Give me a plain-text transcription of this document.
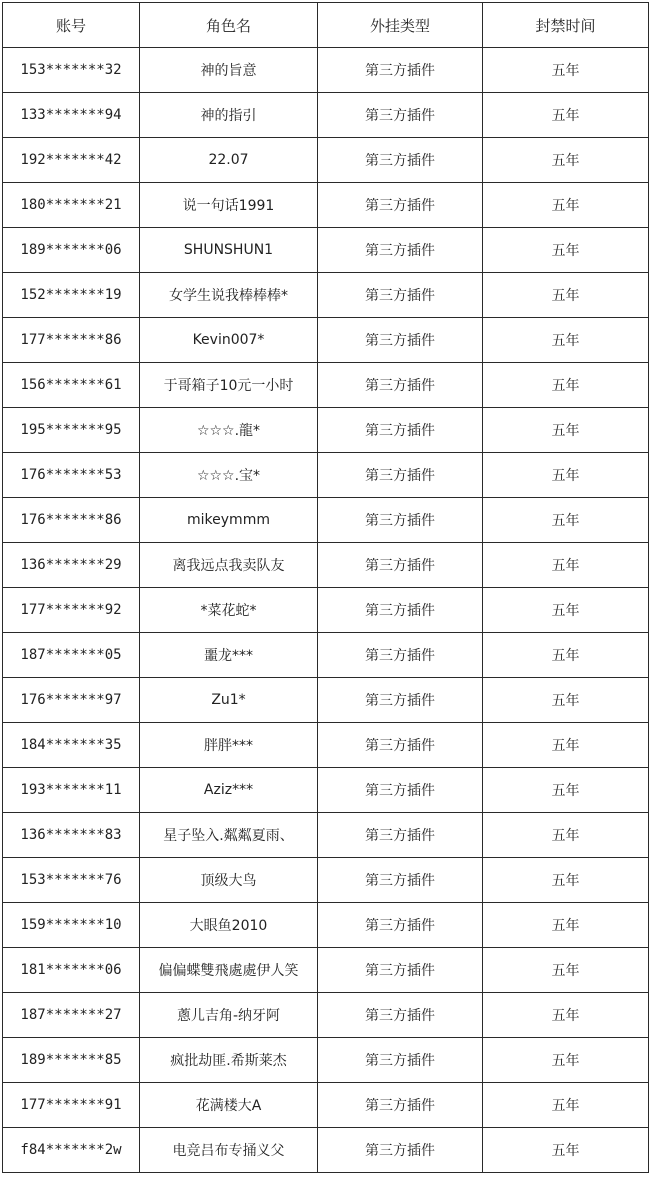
账号	角色名	外挂类型	封禁时间
153*******32	神的旨意	第三方插件	五年
133*******94	神的指引	第三方插件	五年
192*******42	22.07	第三方插件	五年
180*******21	说一句话1991	第三方插件	五年
189*******06	SHUNSHUN1	第三方插件	五年
152*******19	女学生说我棒棒棒*	第三方插件	五年
177*******86	Kevin007*	第三方插件	五年
156*******61	于哥箱子10元一小时	第三方插件	五年
195*******95	☆☆☆.龍*	第三方插件	五年
176*******53	☆☆☆.宝*	第三方插件	五年
176*******86	mikeymmm	第三方插件	五年
136*******29	离我远点我卖队友	第三方插件	五年
177*******92	*菜花蛇*	第三方插件	五年
187*******05	噩龙***	第三方插件	五年
176*******97	Zu1*	第三方插件	五年
184*******35	胖胖***	第三方插件	五年
193*******11	Aziz***	第三方插件	五年
136*******83	星子坠入.粼粼夏雨、	第三方插件	五年
153*******76	顶级大鸟	第三方插件	五年
159*******10	大眼鱼2010	第三方插件	五年
181*******06	偏偏蝶雙飛處處伊人笑	第三方插件	五年
187*******27	蔥儿吉角-纳牙阿	第三方插件	五年
189*******85	疯批劫匪.希斯莱杰	第三方插件	五年
177*******91	花满楼大A	第三方插件	五年
f84*******2w	电竞吕布专捅义父	第三方插件	五年
